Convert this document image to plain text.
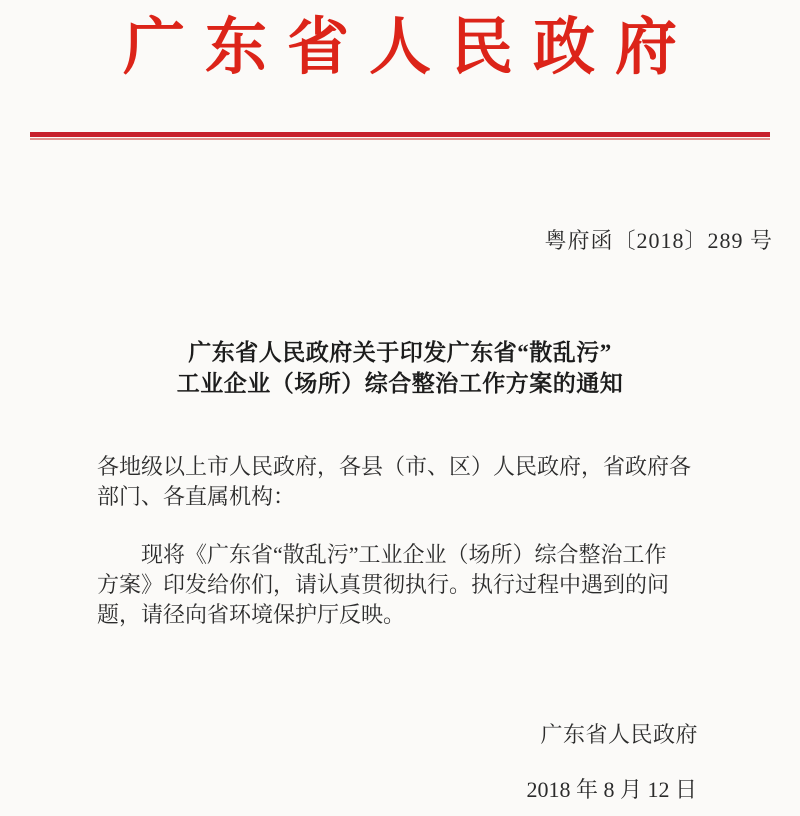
广东省人民政府
粤府函〔2018〕289 号
广东省人民政府关于印发广东省“散乱污”
工业企业（场所）综合整治工作方案的通知
各地级以上市人民政府，各县（市、区）人民政府，省政府各
部门、各直属机构：
现将《广东省“散乱污”工业企业（场所）综合整治工作
方案》印发给你们，请认真贯彻执行。执行过程中遇到的问
题，请径向省环境保护厅反映。
广东省人民政府
2018 年 8 月 12 日
